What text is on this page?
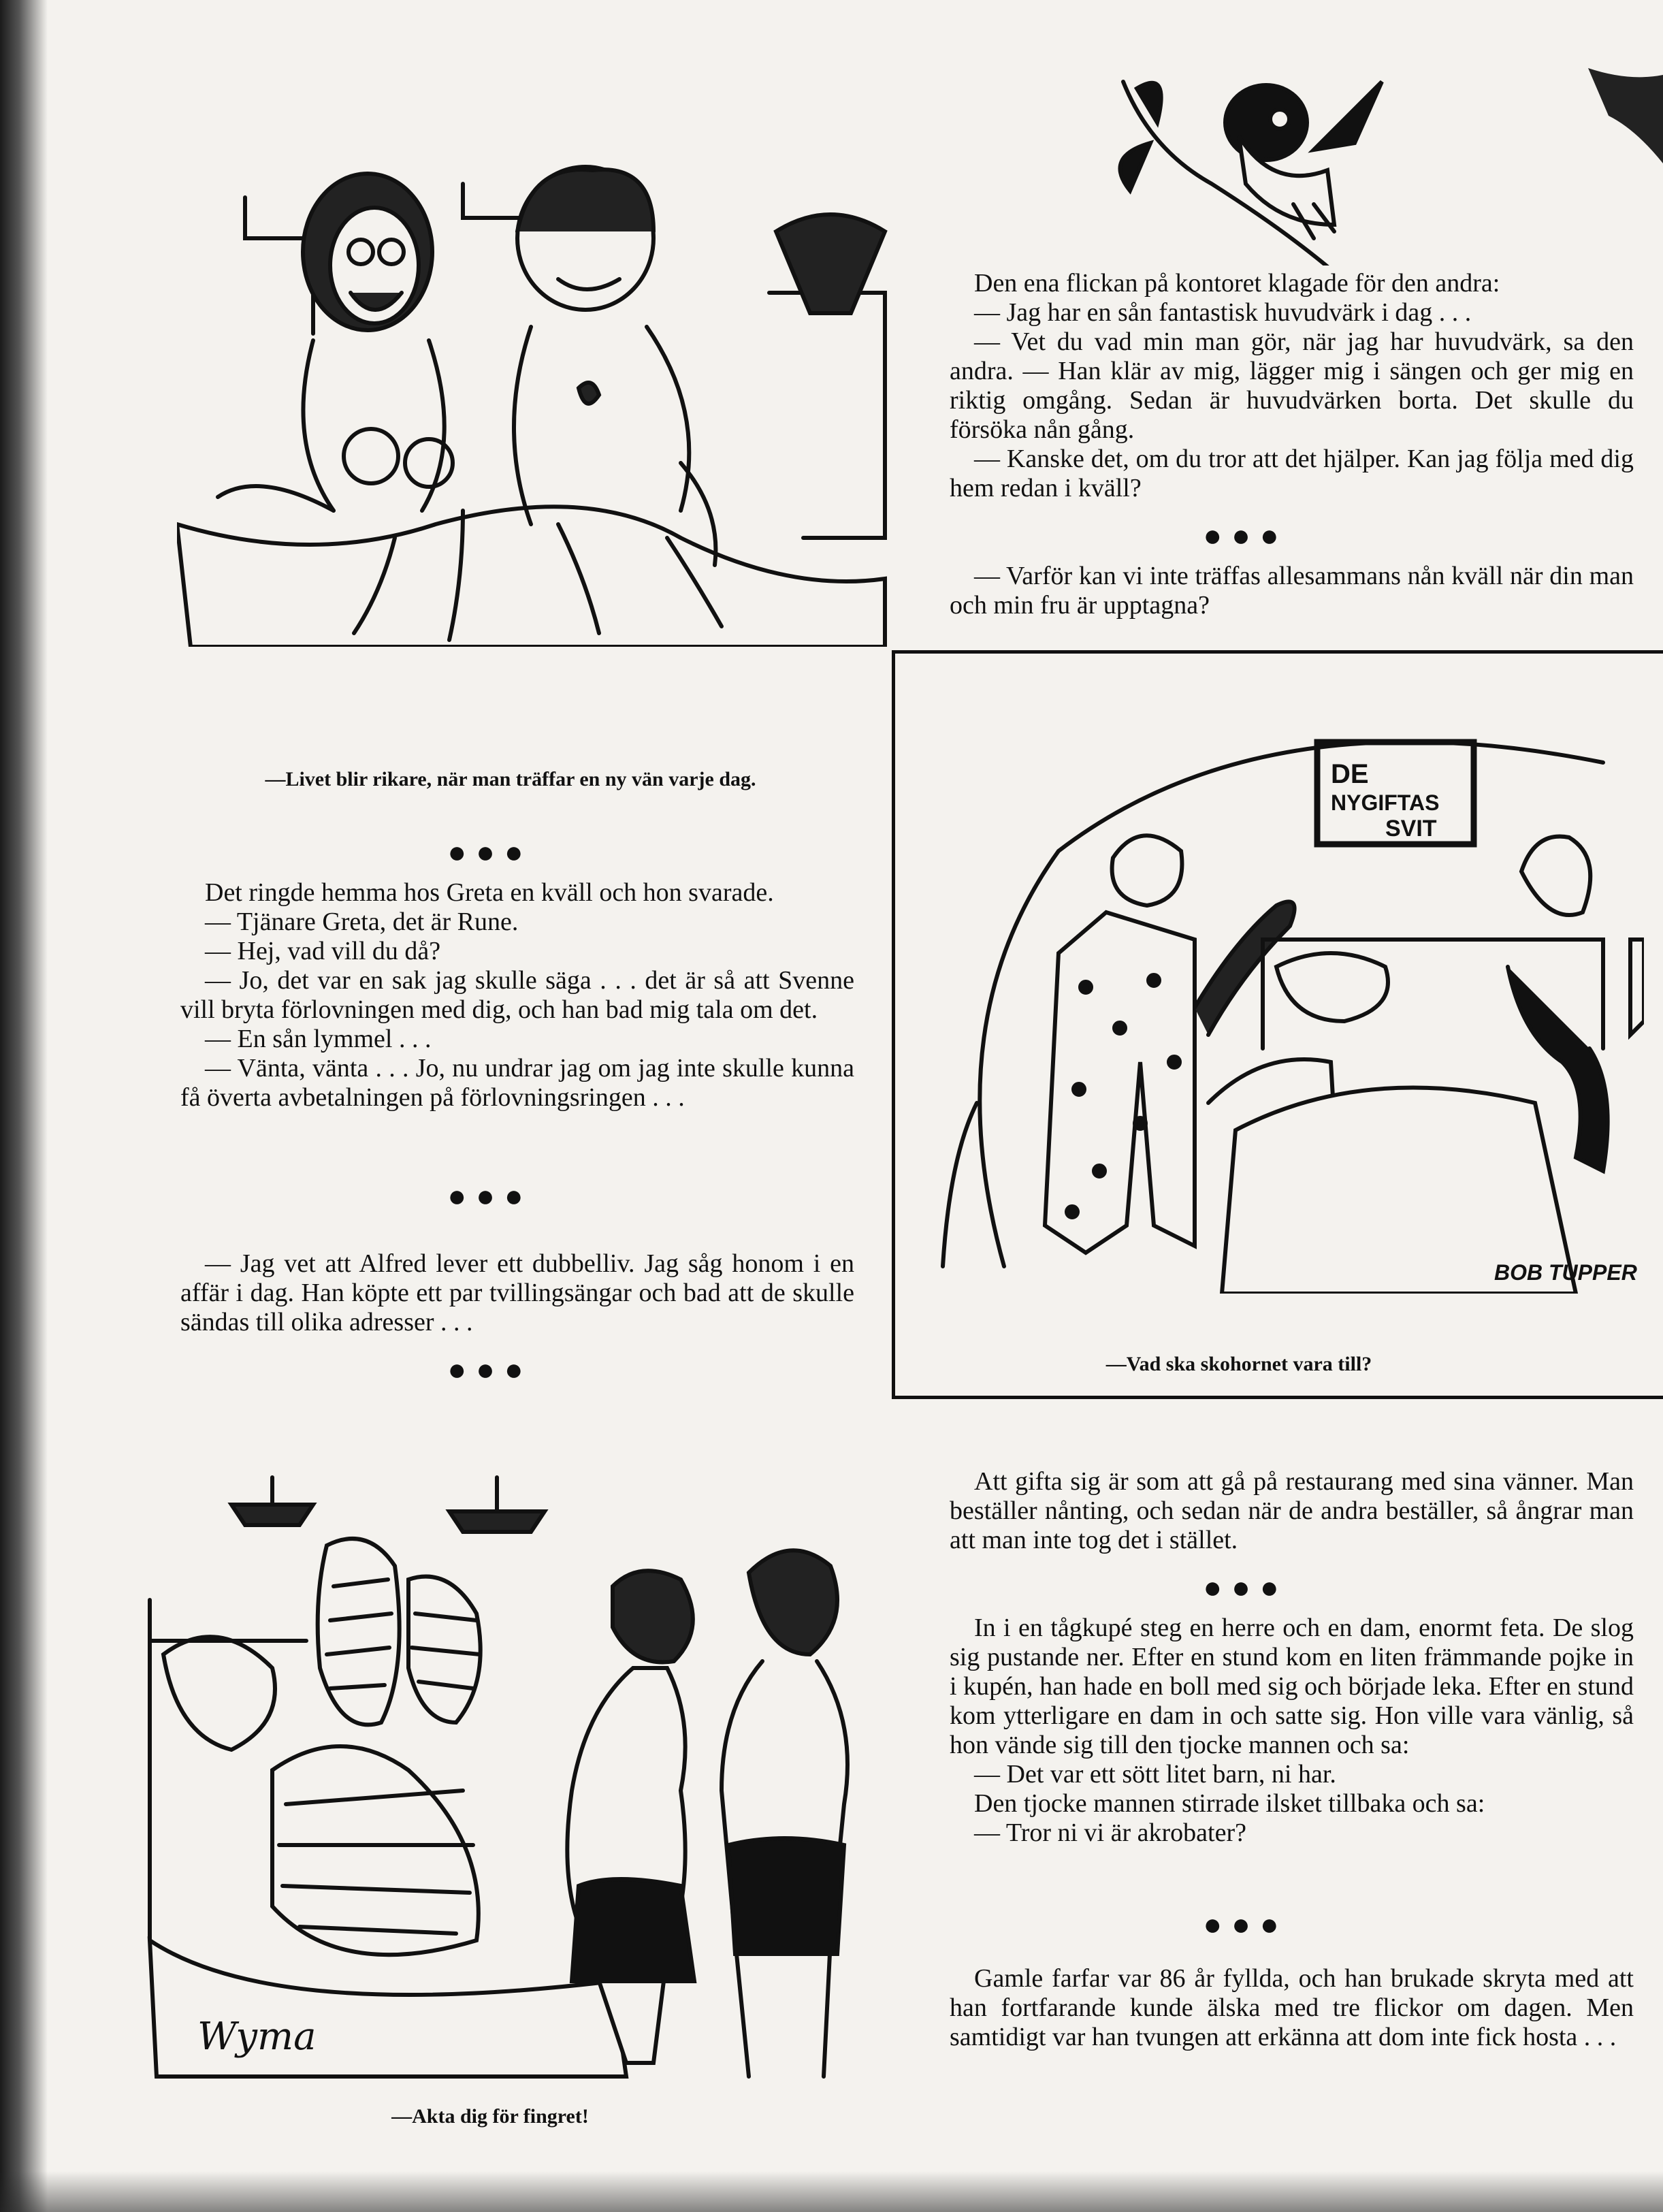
—Livet blir rikare, när man träffar en ny vän varje dag.

Den ena flickan på kontoret klagade för den andra:

— Jag har en sån fantastisk huvudvärk i dag . . .

— Vet du vad min man gör, när jag har huvudvärk, sa den andra. — Han klär av mig, lägger mig i sängen och ger mig en riktig omgång. Sedan är huvudvärken borta. Det skulle du försöka nån gång.

— Kanske det, om du tror att det hjälper. Kan jag följa med dig hem redan i kväll?

●●●

— Varför kan vi inte träffas allesammans nån kväll när din man och min fru är upptagna?

DE
NYGIFTAS
SVIT
BOB TUPPER
—Vad ska skohornet vara till?
●●●

Det ringde hemma hos Greta en kväll och hon svarade.

— Tjänare Greta, det är Rune.

— Hej, vad vill du då?

— Jo, det var en sak jag skulle säga . . . det är så att Svenne vill bryta förlovningen med dig, och han bad mig tala om det.

— En sån lymmel . . .

— Vänta, vänta . . . Jo, nu undrar jag om jag inte skulle kunna få överta avbetalningen på förlovningsringen . . .

●●●

— Jag vet att Alfred lever ett dubbelliv. Jag såg honom i en affär i dag. Han köpte ett par tvillingsängar och bad att de skulle sändas till olika adresser . . .

●●●
Wyma
—Akta dig för fingret!

Att gifta sig är som att gå på restaurang med sina vänner. Man beställer nånting, och sedan när de andra beställer, så ångrar man att man inte tog det i stället.

●●●

In i en tågkupé steg en herre och en dam, enormt feta. De slog sig pustande ner. Efter en stund kom en liten främmande pojke in i kupén, han hade en boll med sig och började leka. Efter en stund kom ytterligare en dam in och satte sig. Hon ville vara vänlig, så hon vände sig till den tjocke mannen och sa:

— Det var ett sött litet barn, ni har.

Den tjocke mannen stirrade ilsket tillbaka och sa:

— Tror ni vi är akrobater?

●●●

Gamle farfar var 86 år fyllda, och han brukade skryta med att han fortfarande kunde älska med tre flickor om dagen. Men samtidigt var han tvungen att erkänna att dom inte fick hosta . . .
